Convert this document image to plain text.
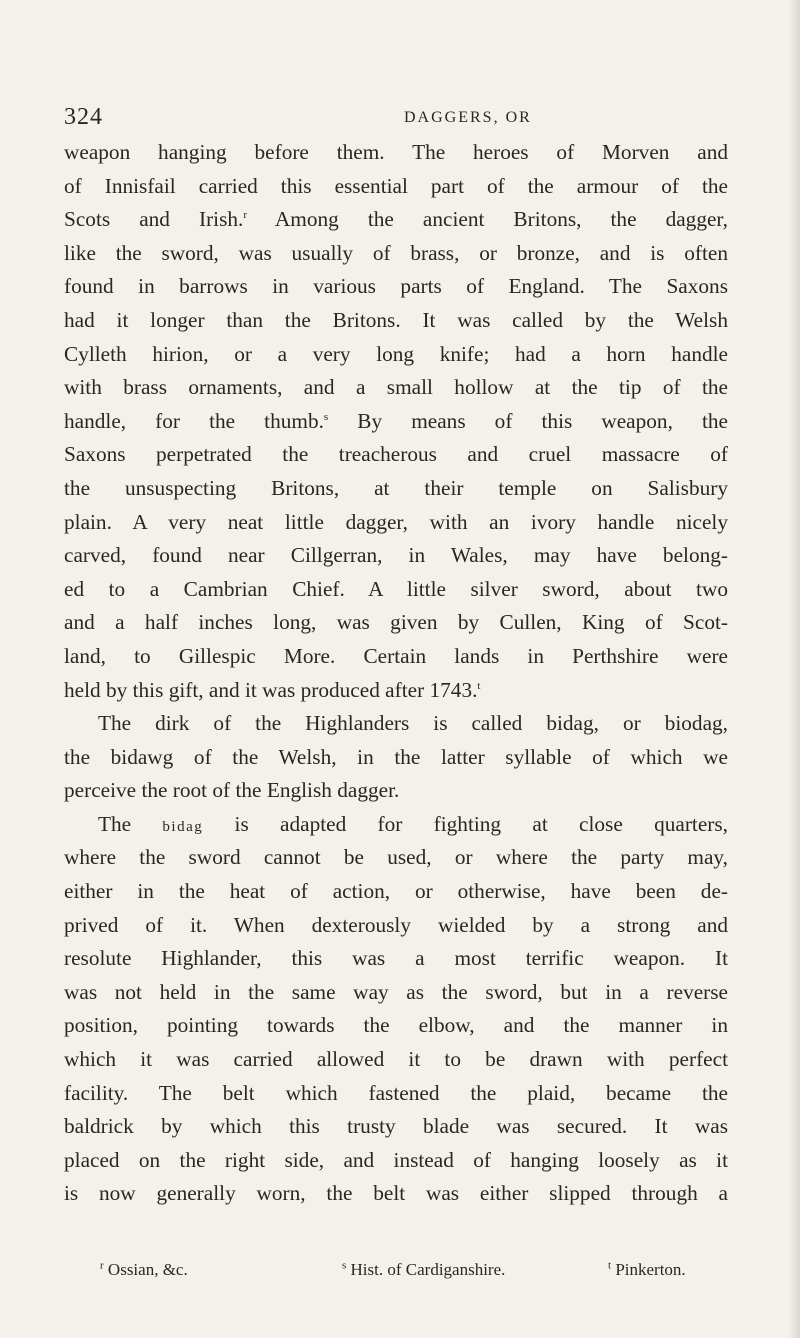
324	DAGGERS, OR
weapon hanging before them. The heroes of Morven and
of Innisfail carried this essential part of the armour of the
Scots and Irish.$^r$ Among the ancient Britons, the dagger,
like the sword, was usually of brass, or bronze, and is often
found in barrows in various parts of England. The Saxons
had it longer than the Britons. It was called by the Welsh
Cylleth hirion, or a very long knife; had a horn handle
with brass ornaments, and a small hollow at the tip of the
handle, for the thumb.$^s$ By means of this weapon, the
Saxons perpetrated the treacherous and cruel massacre of
the unsuspecting Britons, at their temple on Salisbury
plain. A very neat little dagger, with an ivory handle nicely
carved, found near Cillgerran, in Wales, may have belong-
ed to a Cambrian Chief. A little silver sword, about two
and a half inches long, was given by Cullen, King of Scot-
land, to Gillespic More. Certain lands in Perthshire were
held by this gift, and it was produced after 1743.$^t$
The dirk of the Highlanders is called bidag, or biodag,
the bidawg of the Welsh, in the latter syllable of which we
perceive the root of the English dagger.
The bidag is adapted for fighting at close quarters,
where the sword cannot be used, or where the party may,
either in the heat of action, or otherwise, have been de-
prived of it. When dexterously wielded by a strong and
resolute Highlander, this was a most terrific weapon. It
was not held in the same way as the sword, but in a reverse
position, pointing towards the elbow, and the manner in
which it was carried allowed it to be drawn with perfect
facility. The belt which fastened the plaid, became the
baldrick by which this trusty blade was secured. It was
placed on the right side, and instead of hanging loosely as it
is now generally worn, the belt was either slipped through a
$^r$ Ossian, &c.	$^s$ Hist. of Cardiganshire.	$^t$ Pinkerton.
